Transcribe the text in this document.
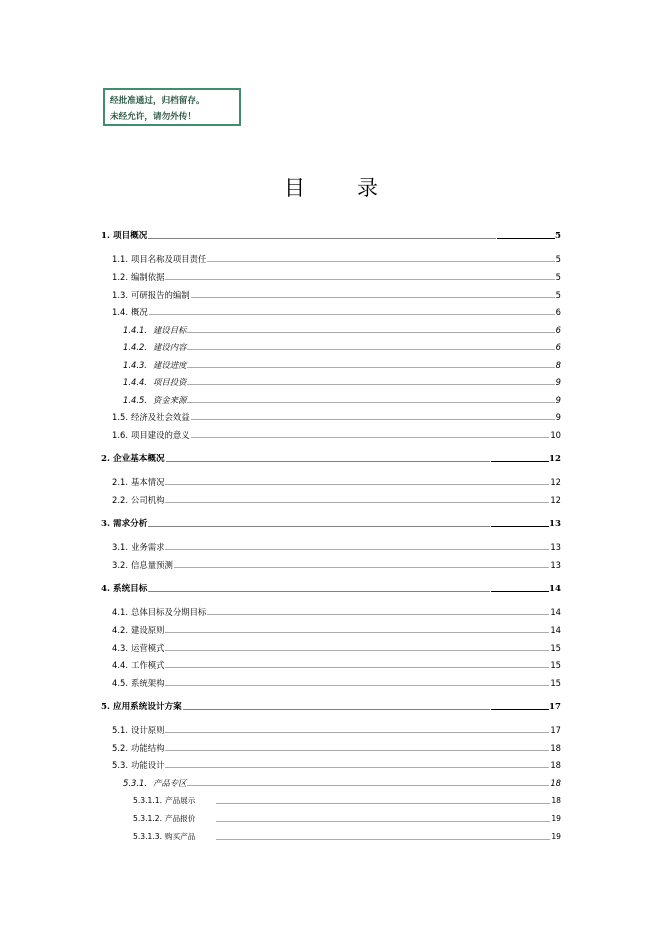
经批准通过，归档留存。
未经允许，请勿外传！
目 录
1. 项目概况	5
1.1. 项目名称及项目责任	5
1.2. 编制依据	5
1.3. 可研报告的编制	5
1.4. 概况	6
1.4.1. 建设目标	6
1.4.2. 建设内容	6
1.4.3. 建设进度	8
1.4.4. 项目投资	9
1.4.5. 资金来源	9
1.5. 经济及社会效益	9
1.6. 项目建设的意义	10
2. 企业基本概况	12
2.1. 基本情况	12
2.2. 公司机构	12
3. 需求分析	13
3.1. 业务需求	13
3.2. 信息量预测	13
4. 系统目标	14
4.1. 总体目标及分期目标	14
4.2. 建设原则	14
4.3. 运营模式	15
4.4. 工作模式	15
4.5. 系统架构	15
5. 应用系统设计方案	17
5.1. 设计原则	17
5.2. 功能结构	18
5.3. 功能设计	18
5.3.1. 产品专区	18
5.3.1.1. 产品展示	18
5.3.1.2. 产品报价	19
5.3.1.3. 购买产品	19
